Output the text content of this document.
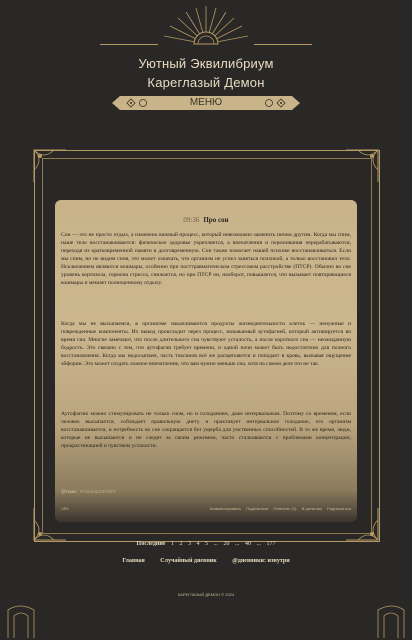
Уютный Эквилибриум
Кареглазый Демон
МЕНЮ
09:36 Про сон

Сон — это не просто отдых, а изменено важный процесс, который невозможно заменить ничем другим. Когда мы спим, наше тело восстанавливается: физическое здоровье укрепляется, а впечатления и переживания перерабатываются, переходя из кратковременной памяти в долговременную. Сон также помогает нашей психике восстанавливаться. Если мы спим, но не видим снов, это может означать, что организм не успел заняться психикой, а только восстановил тело. Исключением являются кошмары, особенно при посттравматическом стрессовом расстройстве (ПТСР). Обычно во сне уровень кортизола, гормона стресса, снижается, но при ПТСР он, наоборот, повышается, что вызывает повторяющиеся кошмары и мешает полноценному отдыху.

Когда мы не высыпаемся, в организме накапливаются продукты жизнедеятельности клеток — ненужные и поврежденные компоненты. Их вывод происходит через процесс, называемый аутофагией, который активируется во время сна. Многие замечают, что после длительного сна чувствуют усталость, а после короткого сна — неожиданную бодрость. Это связано с тем, что аутофагия требует времени, и одной ночи может быть недостаточно для полного восстановления. Когда мы недосыпаем, часть токсинов всё же расщепляется и попадает в кровь, вызывая ощущение эйфории. Это может создать ложное впечатление, что вам нужно меньше сна, хотя на самом деле это не так.

Аутофагию можно стимулировать не только сном, но и голоданием, даже интервальным. Поэтому со временем, если человек высыпается, соблюдает правильную диету и практикует интервальное голодание, его организм восстанавливается, и потребность во сне сокращается без ущерба для умственных способностей. В то же время, люди, которые не высыпаются и не следят за своим режимом, часто сталкиваются с проблемами концентрации, прокрастинацией и чувством усталости.

@темы: РАЗМЫШЛЕНИЯ
URL	Комментировать Поделиться Ответить (1) В цитатник Подписаться
Последние 1 2 3 4 5 ... 20 ... 40 ... 177
Главная	Случайный дневник	@дневники: изнутри
КАРЕГЛАЗЫЙ ДЕМОН © 2024
